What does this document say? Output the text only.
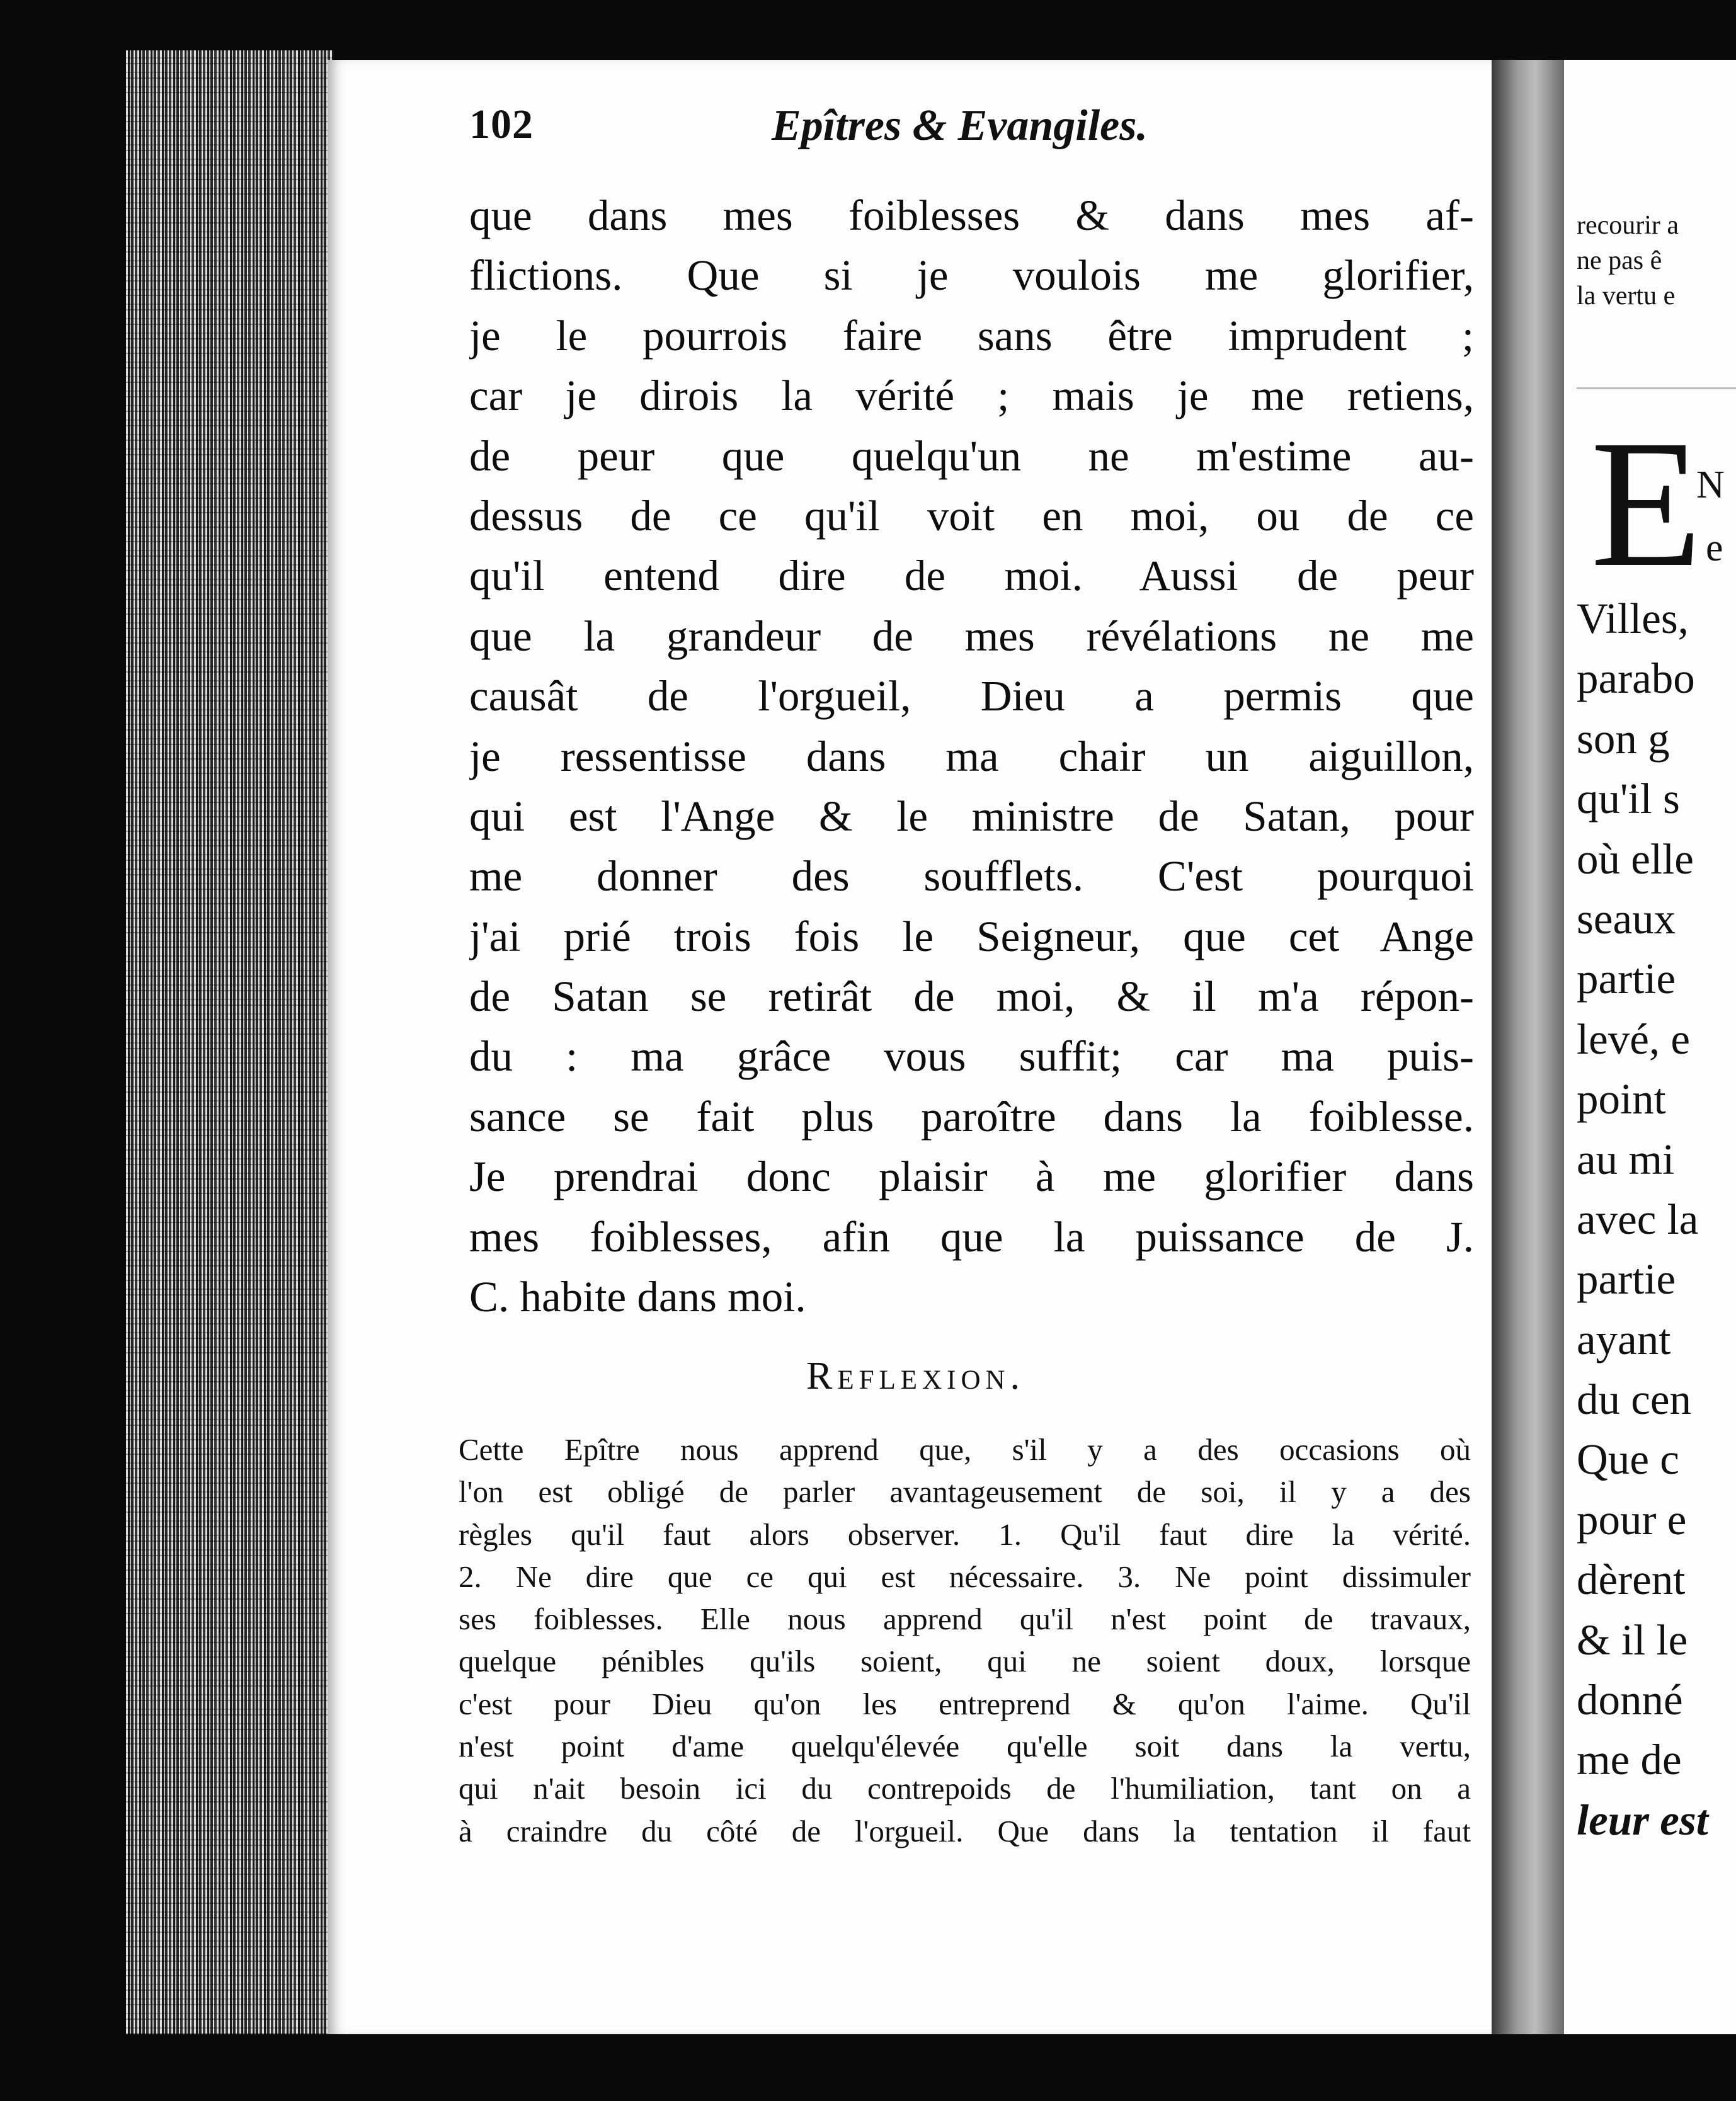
recourir a
ne pas ê
la vertu e
E
N
e
Villes,
parabo
son g
qu'il s
où elle
seaux
partie
levé, e
point
au mi
avec la
partie
ayant
du cen
Que c
pour e
dèrent
& il le
donné
me de
leur est
102	Epîtres & Evangiles.
que dans mes foiblesses & dans mes af-
flictions. Que si je voulois me glorifier,
je le pourrois faire sans être imprudent ;
car je dirois la vérité ; mais je me retiens,
de peur que quelqu'un ne m'estime au-
dessus de ce qu'il voit en moi, ou de ce
qu'il entend dire de moi. Aussi de peur
que la grandeur de mes révélations ne me
causât de l'orgueil, Dieu a permis que
je ressentisse dans ma chair un aiguillon,
qui est l'Ange & le ministre de Satan, pour
me donner des soufflets. C'est pourquoi
j'ai prié trois fois le Seigneur, que cet Ange
de Satan se retirât de moi, & il m'a répon-
du : ma grâce vous suffit; car ma puis-
sance se fait plus paroître dans la foiblesse.
Je prendrai donc plaisir à me glorifier dans
mes foiblesses, afin que la puissance de J.
C. habite dans moi.
Reflexion.
Cette Epître nous apprend que, s'il y a des occasions où
l'on est obligé de parler avantageusement de soi, il y a des
règles qu'il faut alors observer. 1. Qu'il faut dire la vérité.
2. Ne dire que ce qui est nécessaire. 3. Ne point dissimuler
ses foiblesses. Elle nous apprend qu'il n'est point de travaux,
quelque pénibles qu'ils soient, qui ne soient doux, lorsque
c'est pour Dieu qu'on les entreprend & qu'on l'aime. Qu'il
n'est point d'ame quelqu'élevée qu'elle soit dans la vertu,
qui n'ait besoin ici du contrepoids de l'humiliation, tant on a
à craindre du côté de l'orgueil. Que dans la tentation il faut
